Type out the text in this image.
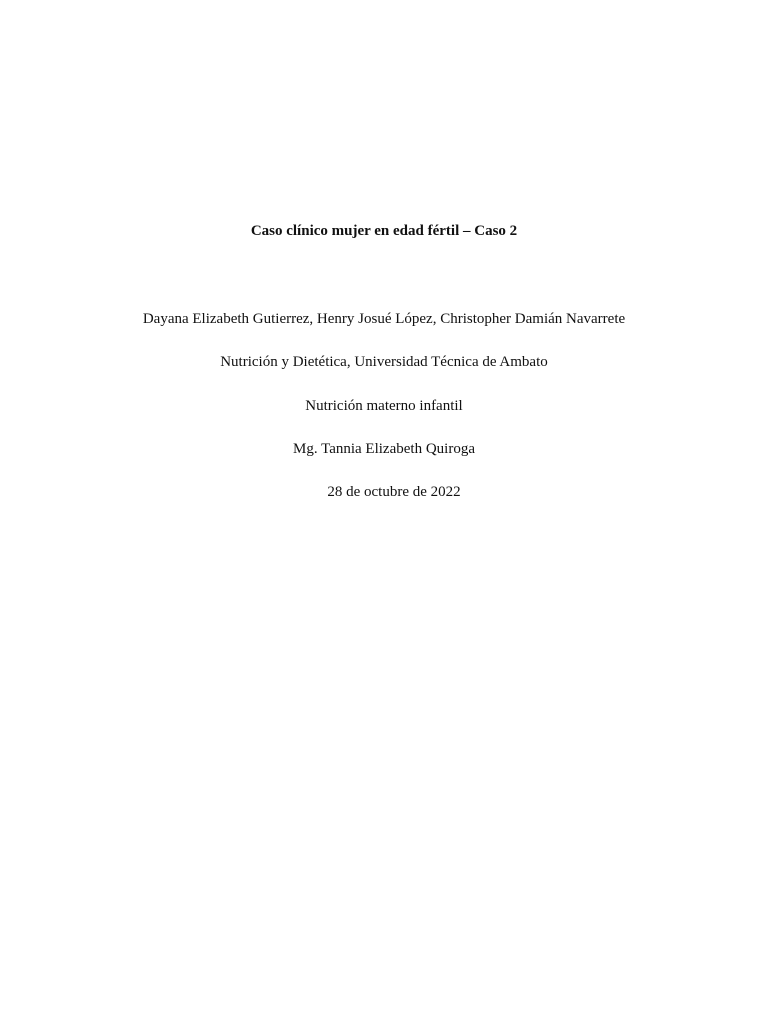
Caso clínico mujer en edad fértil – Caso 2
Dayana Elizabeth Gutierrez, Henry Josué López, Christopher Damián Navarrete
Nutrición y Dietética, Universidad Técnica de Ambato
Nutrición materno infantil
Mg. Tannia Elizabeth Quiroga
28 de octubre de 2022
